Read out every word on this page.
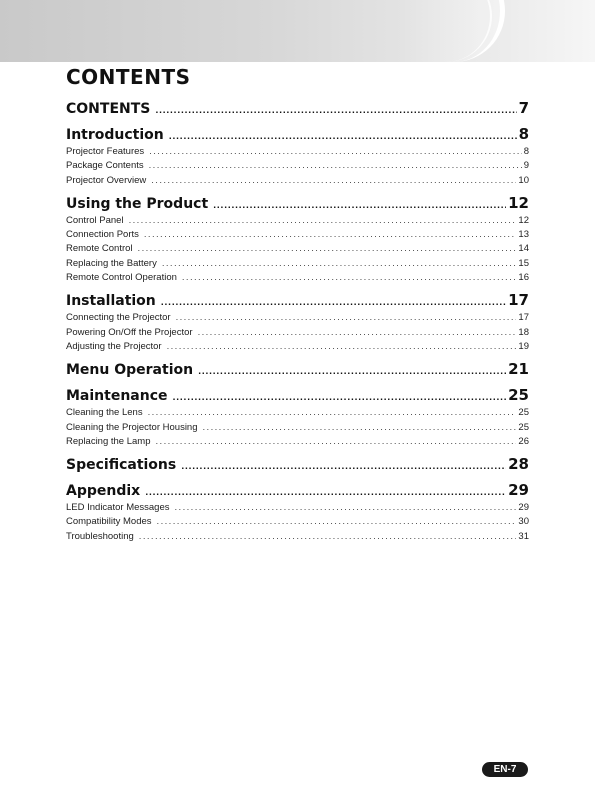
CONTENTS
CONTENTS .....	7
Introduction .....	8
Projector Features .....	8
Package Contents .....	9
Projector Overview .....	10
Using the Product .....	12
Control Panel .....	12
Connection Ports .....	13
Remote Control .....	14
Replacing the Battery .....	15
Remote Control Operation .....	16
Installation .....	17
Connecting the Projector .....	17
Powering On/Off the Projector .....	18
Adjusting the Projector .....	19
Menu Operation .....	21
Maintenance .....	25
Cleaning the Lens .....	25
Cleaning the Projector Housing .....	25
Replacing the Lamp .....	26
Specifications .....	28
Appendix .....	29
LED Indicator Messages .....	29
Compatibility Modes .....	30
Troubleshooting .....	31
EN-7
